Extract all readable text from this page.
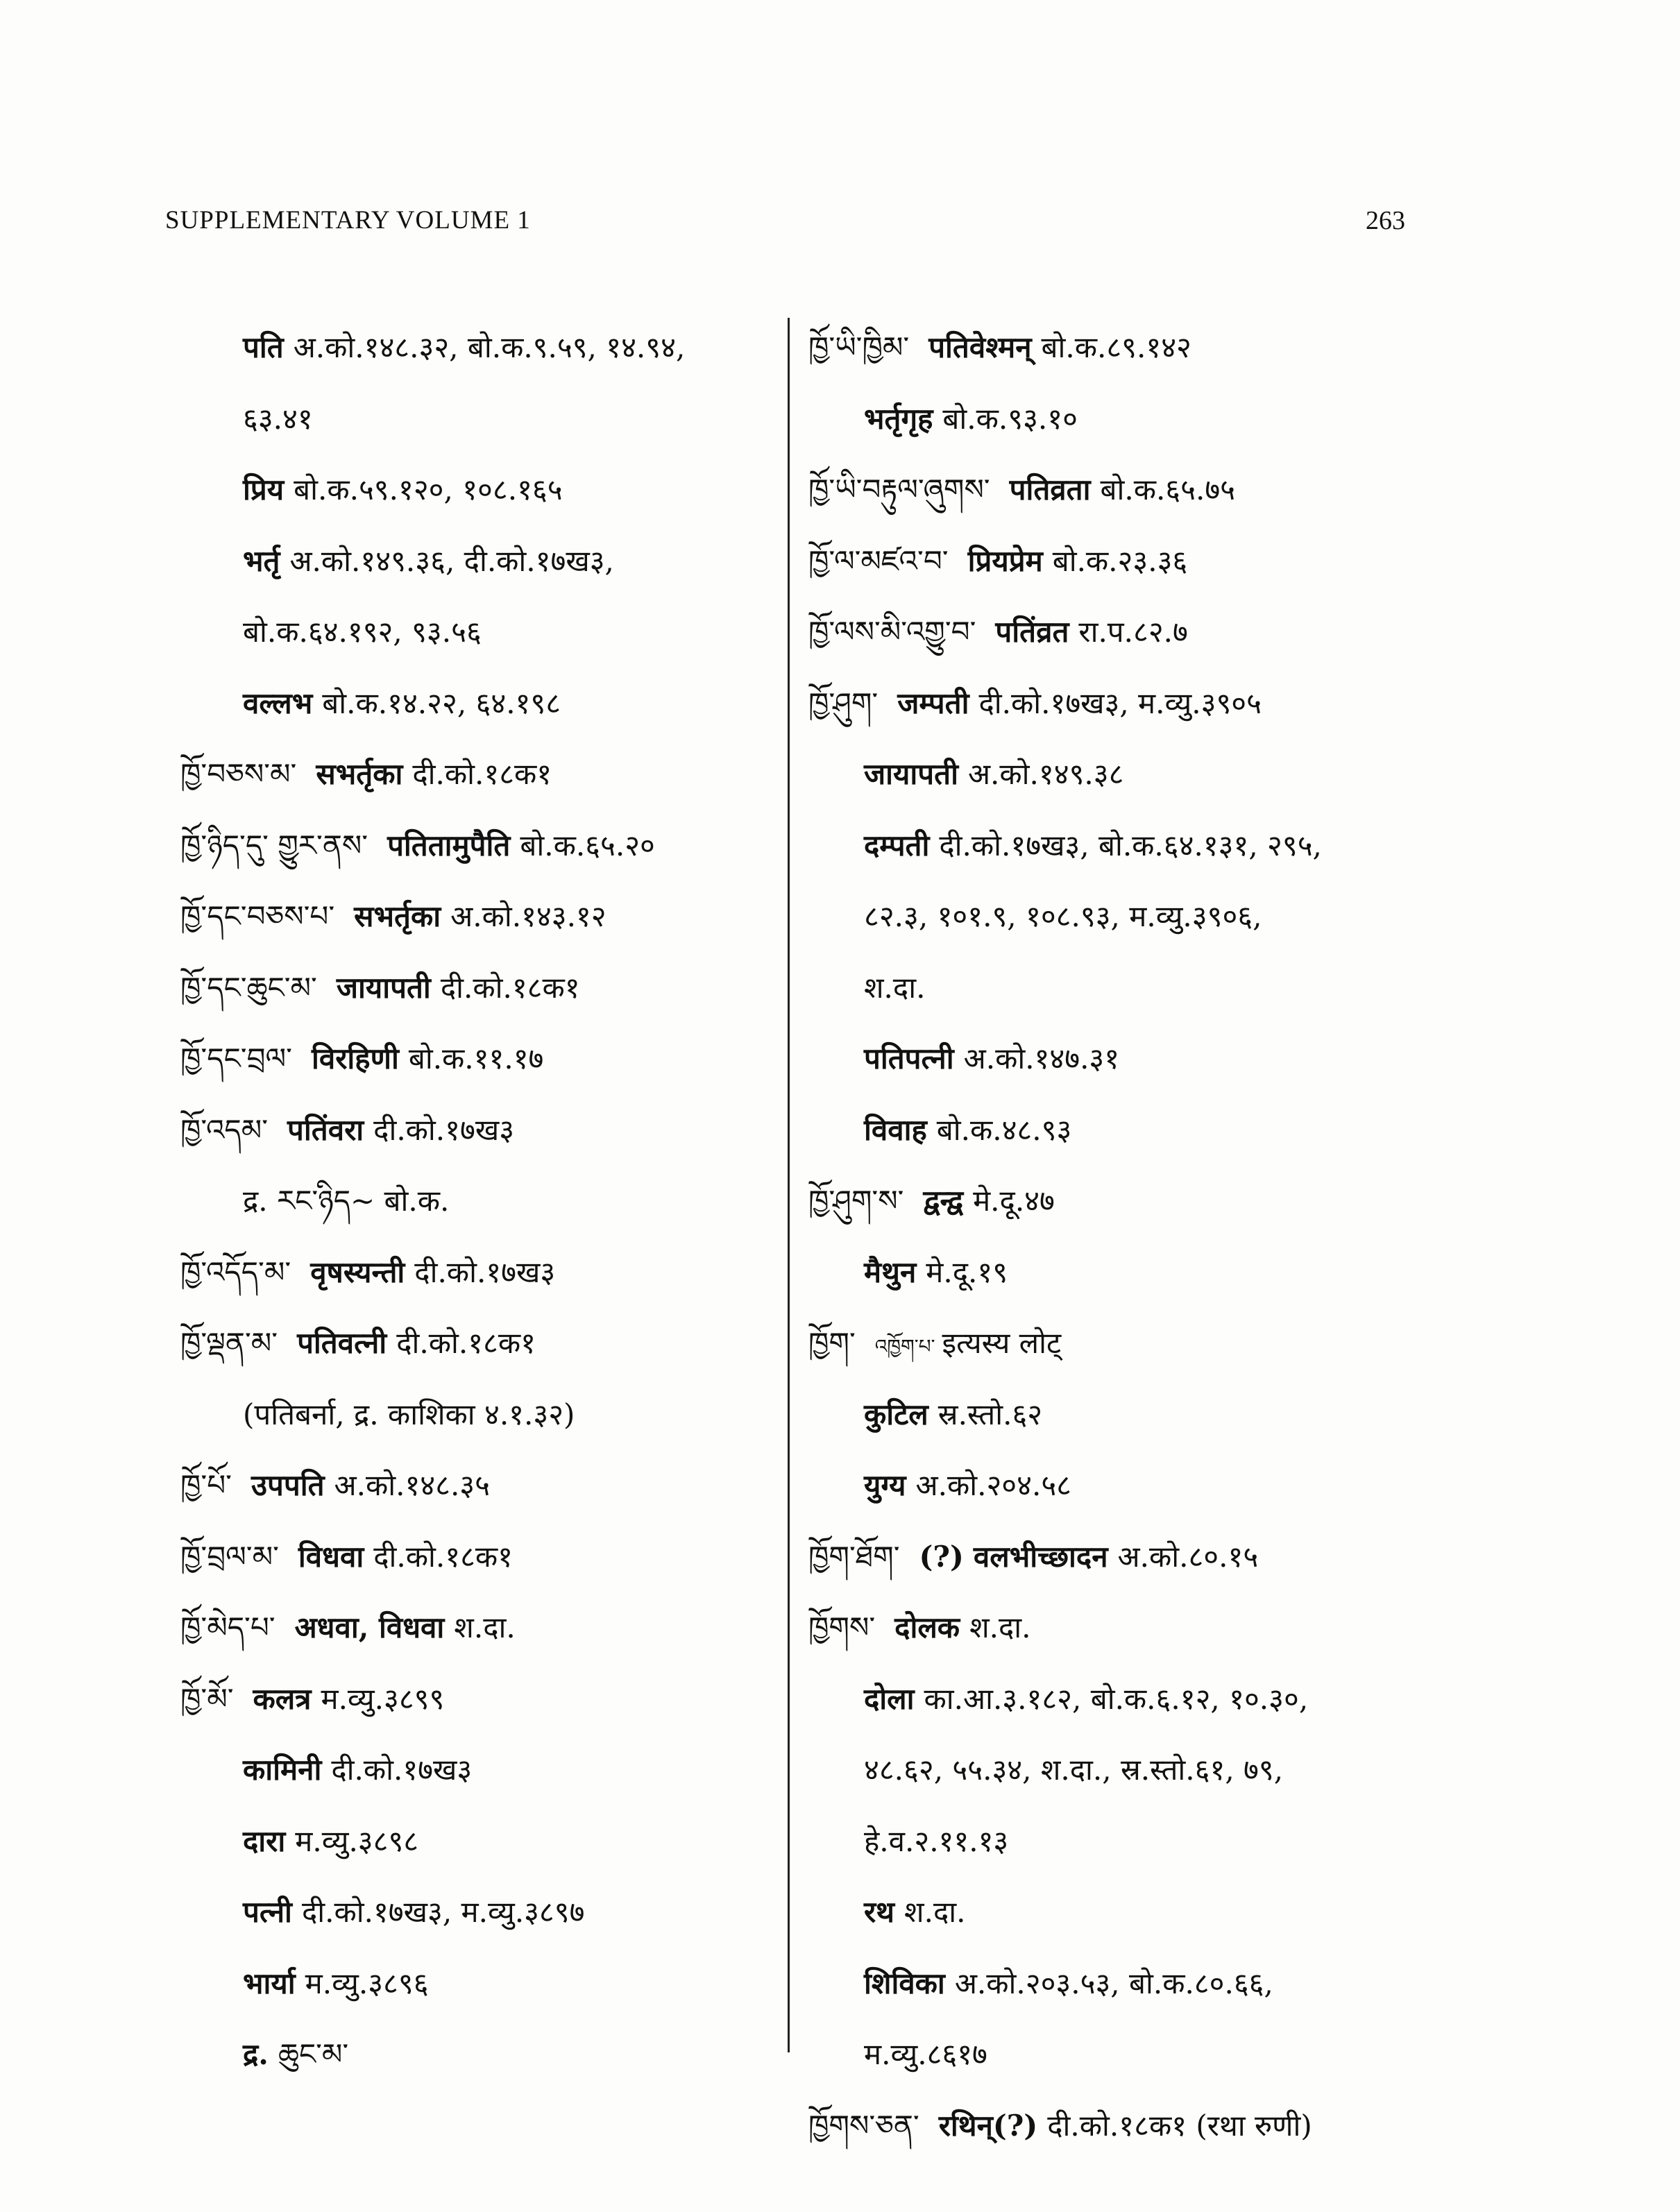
SUPPLEMENTARY VOLUME 1	263
पति अ.को.१४८.३२, बो.क.९.५९, १४.९४,
६३.४१
प्रिय बो.क.५९.१२०, १०८.१६५
भर्तृ अ.को.१४९.३६, दी.को.१७ख३,
बो.क.६४.१९२, ९३.५६
वल्लभ बो.क.१४.२२, ६४.१९८
ཁྱོ་བཅས་མ་ सभर्तृका दी.को.१८क१
ཁྱོ་ཉིད་དུ་ གྱུར་ནས་ पतितामुपैति बो.क.६५.२०
ཁྱོ་དང་བཅས་པ་ सभर्तृका अ.को.१४३.१२
ཁྱོ་དང་ཆུང་མ་ जायापती दी.को.१८क१
ཁྱོ་དང་བྲལ་ विरहिणी बो.क.११.१७
ཁྱོ་འདམ་ पतिंवरा दी.को.१७ख३
द्र. རང་ཉིད~ बो.क.
ཁྱོ་འདོད་མ་ वृषस्यन्ती दी.को.१७ख३
ཁྱོ་ལྡན་མ་ पतिवत्नी दी.को.१८क१
(पतिबर्ना, द्र. काशिका ४.१.३२)
ཁྱོ་པོ་ उपपति अ.को.१४८.३५
ཁྱོ་བྲལ་མ་ विधवा दी.को.१८क१
ཁྱོ་མེད་པ་ अधवा, विधवा श.दा.
ཁྱོ་མོ་ कलत्र म.व्यु.३८९९
कामिनी दी.को.१७ख३
दारा म.व्यु.३८९८
पत्नी दी.को.१७ख३, म.व्यु.३८९७
भार्या म.व्यु.३८९६
द्र. ཆུང་མ་
ཁྱོ་ཡི་ཁྱིམ་ पतिवेश्मन् बो.क.८९.१४२
भर्तृगृह बो.क.९३.१०
ཁྱོ་ཡི་བརྟུལ་ཞུགས་ पतिव्रता बो.क.६५.७५
ཁྱོ་ལ་མཛའ་བ་ प्रियप्रेम बो.क.२३.३६
ཁྱོ་ལས་མི་འགྱུ་བ་ पतिंव्रत रा.प.८२.७
ཁྱོ་ཤུག་ जम्पती दी.को.१७ख३, म.व्यु.३९०५
जायापती अ.को.१४९.३८
दम्पती दी.को.१७ख३, बो.क.६४.१३१, २९५,
८२.३, १०१.९, १०८.९३, म.व्यु.३९०६,
श.दा.
पतिपत्नी अ.को.१४७.३१
विवाह बो.क.४८.९३
ཁྱོ་ཤུག་ས་ द्वन्द्व मे.दू.४७
मैथुन मे.दू.१९
ཁྱོག་ འཁྱོག་པ་ इत्यस्य लोट्
कुटिल स्र.स्तो.६२
युग्य अ.को.२०४.५८
ཁྱོག་ཐོག་ (?) वलभीच्छादन अ.को.८०.१५
ཁྱོགས་ दोलक श.दा.
दोला का.आ.३.१८२, बो.क.६.१२, १०.३०,
४८.६२, ५५.३४, श.दा., स्र.स्तो.६१, ७९,
हे.व.२.११.१३
रथ श.दा.
शिविका अ.को.२०३.५३, बो.क.८०.६६,
म.व्यु.८६१७
ཁྱོགས་ཅན་ रथिन्(?) दी.को.१८क१ (रथा रुणी)
